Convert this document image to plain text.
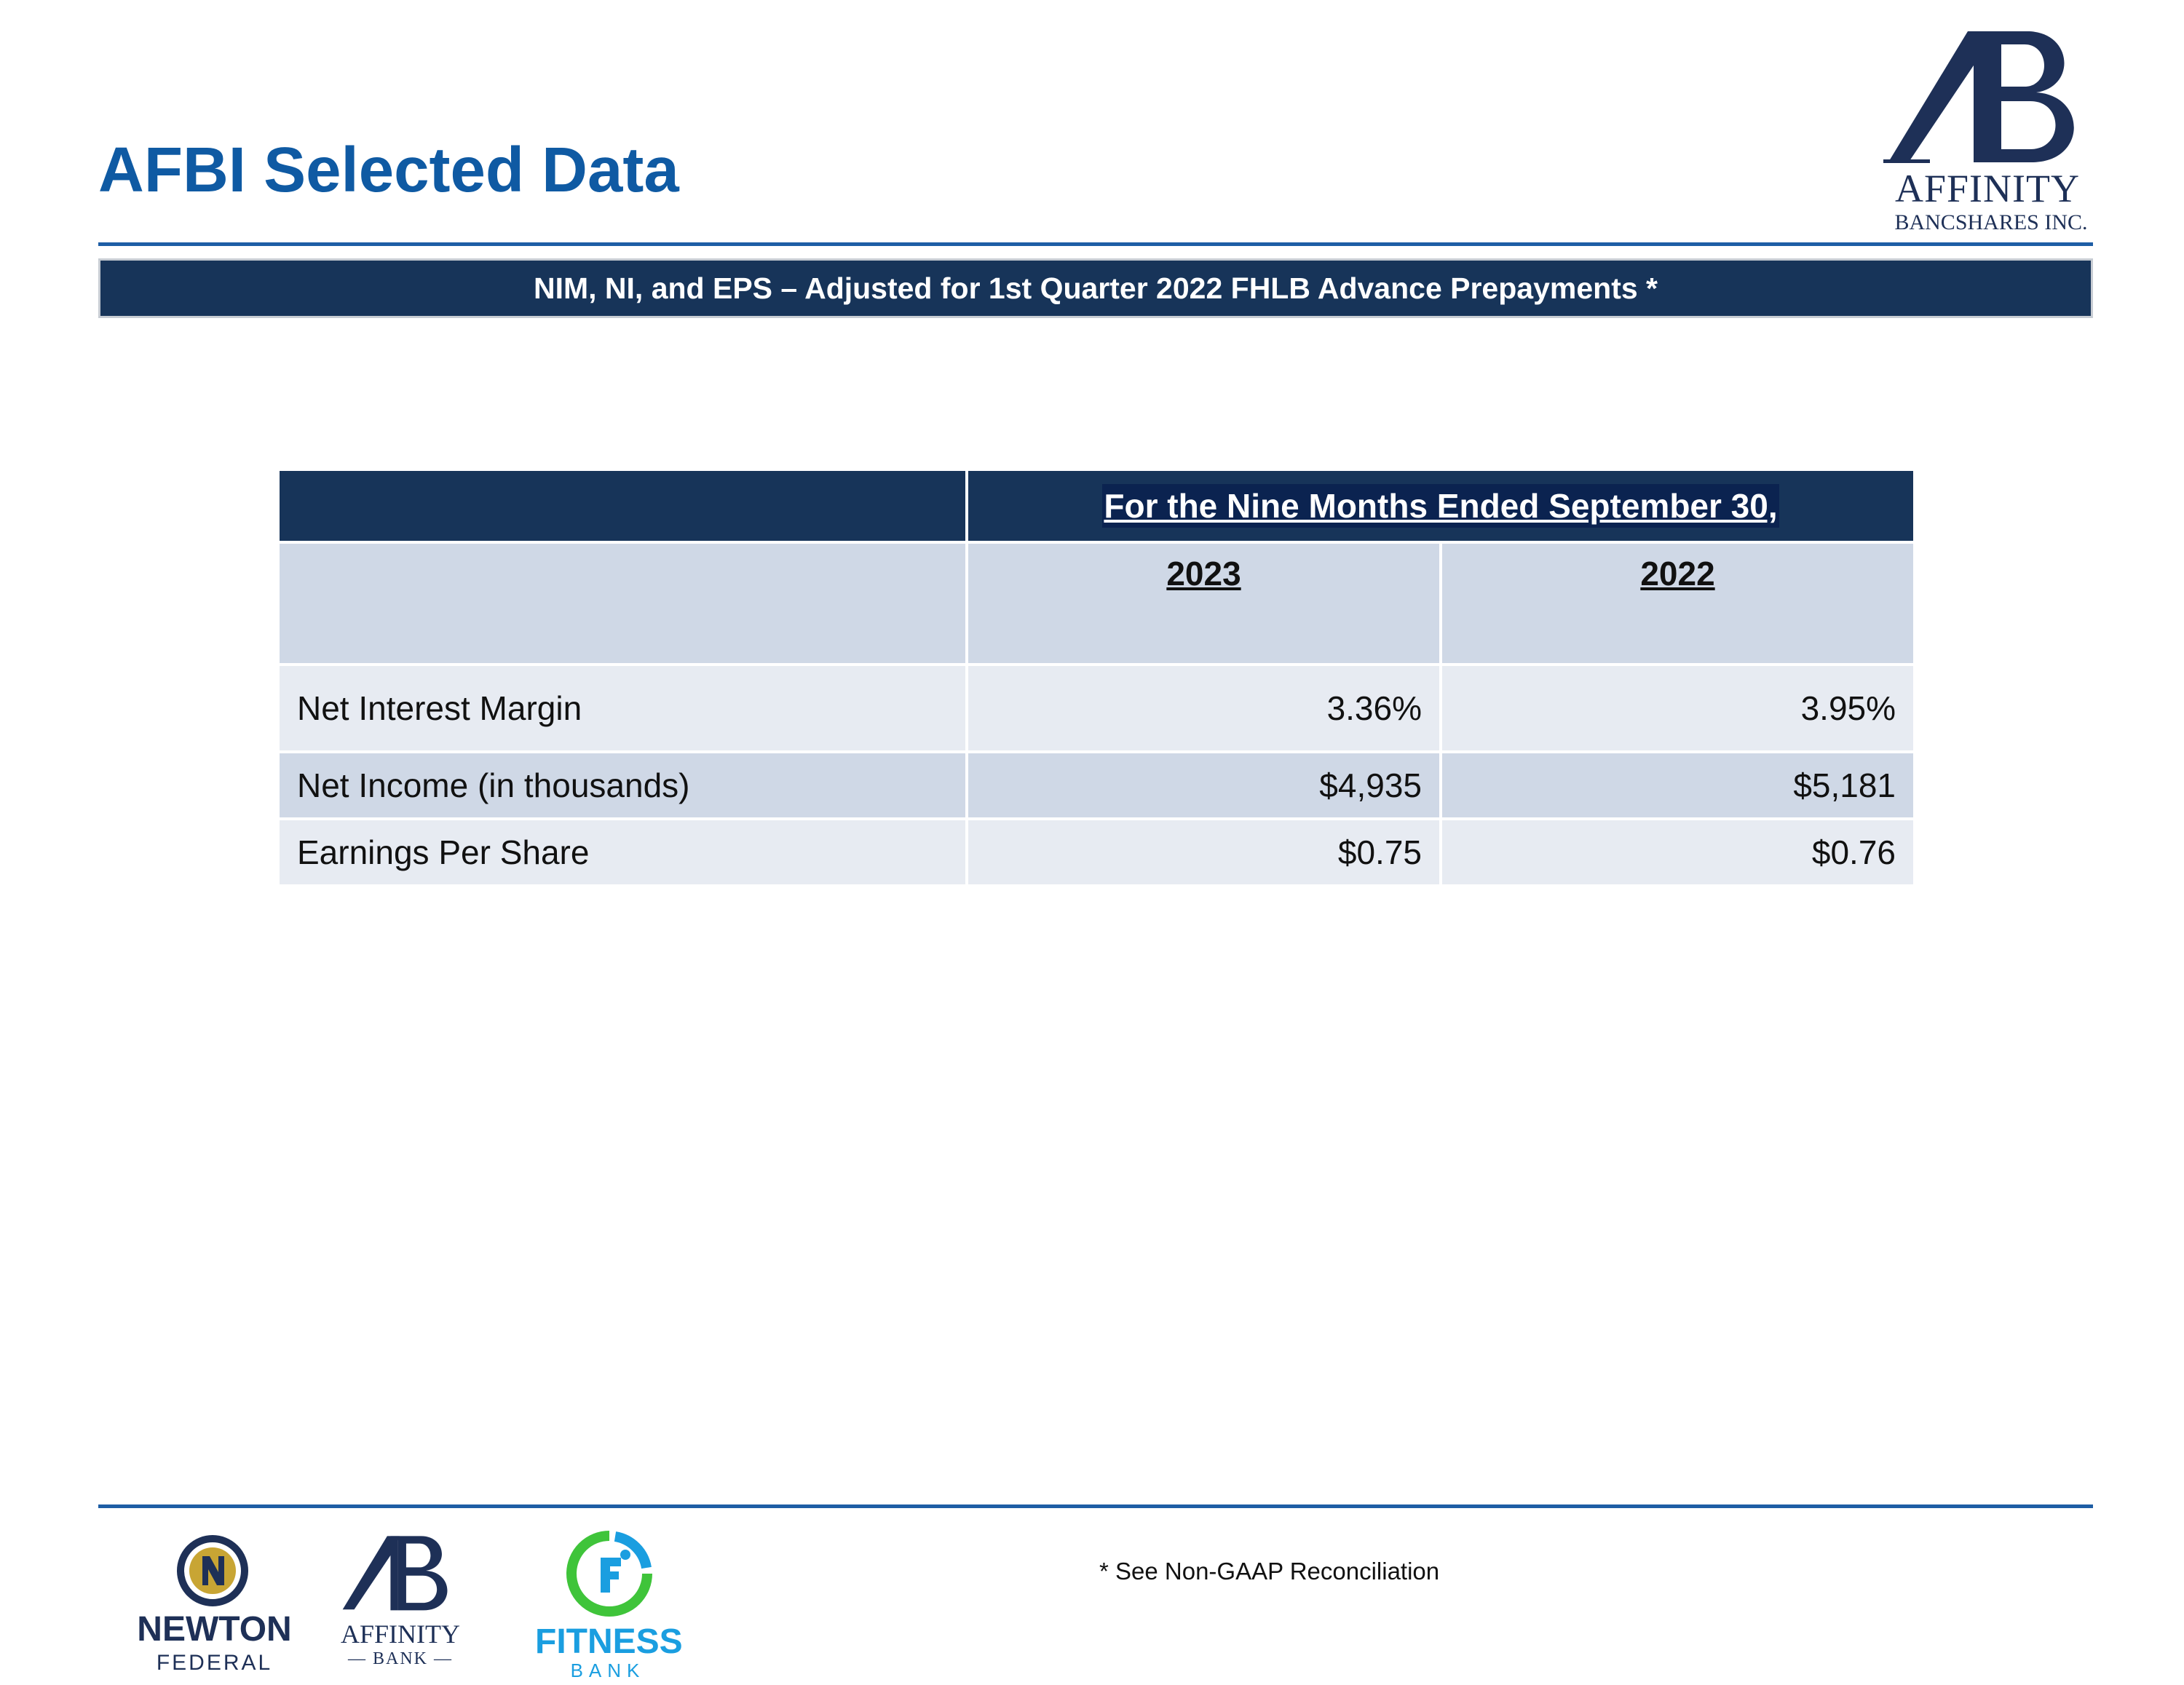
AFBI Selected Data	AFFINITY
BANCSHARES INC.
NIM, NI, and EPS – Adjusted for 1st Quarter 2022 FHLB Advance Prepayments *
	For the Nine Months Ended September 30,	
	2023	2022
Net Interest Margin	3.36%	3.95%
Net Income (in thousands)	$4,935	$5,181
Earnings Per Share	$0.75	$0.76
NEWTON
FEDERAL
AFFINITY
— BANK —	FITNESS
BANK
* See Non-GAAP Reconciliation
